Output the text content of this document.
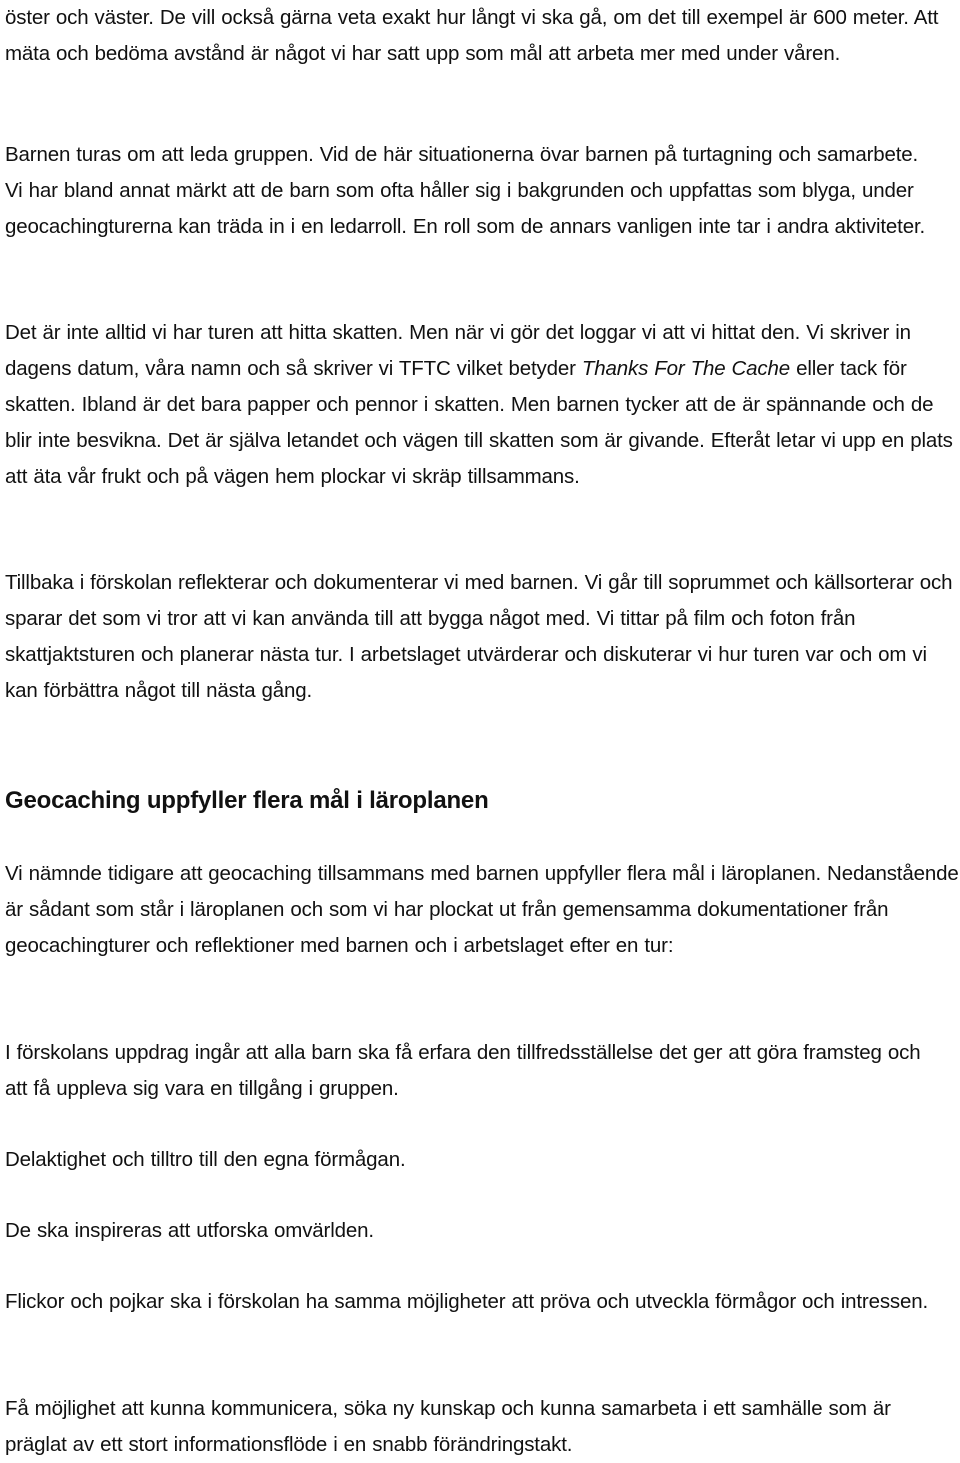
öster och väster. De vill också gärna veta exakt hur långt vi ska gå, om det till exempel är 600 meter. Att mäta och bedöma avstånd är något vi har satt upp som mål att arbeta mer med under våren.

Barnen turas om att leda gruppen. Vid de här situationerna övar barnen på turtagning och samarbete. Vi har bland annat märkt att de barn som ofta håller sig i bakgrunden och uppfattas som blyga, under geocachingturerna kan träda in i en ledarroll. En roll som de annars vanligen inte tar i andra aktiviteter.

Det är inte alltid vi har turen att hitta skatten. Men när vi gör det loggar vi att vi hittat den. Vi skriver in dagens datum, våra namn och så skriver vi TFTC vilket betyder Thanks For The Cache eller tack för skatten. Ibland är det bara papper och pennor i skatten. Men barnen tycker att de är spännande och de blir inte besvikna. Det är själva letandet och vägen till skatten som är givande. Efteråt letar vi upp en plats att äta vår frukt och på vägen hem plockar vi skräp tillsammans.

Tillbaka i förskolan reflekterar och dokumenterar vi med barnen. Vi går till soprummet och källsorterar och sparar det som vi tror att vi kan använda till att bygga något med. Vi tittar på film och foton från skattjaktsturen och planerar nästa tur. I arbetslaget utvärderar och diskuterar vi hur turen var och om vi kan förbättra något till nästa gång.

Geocaching uppfyller flera mål i läroplanen

Vi nämnde tidigare att geocaching tillsammans med barnen uppfyller flera mål i läroplanen. Nedanstående är sådant som står i läroplanen och som vi har plockat ut från gemensamma dokumentationer från geocachingturer och reflektioner med barnen och i arbetslaget efter en tur:

I förskolans uppdrag ingår att alla barn ska få erfara den tillfredsställelse det ger att göra framsteg och att få uppleva sig vara en tillgång i gruppen.

Delaktighet och tilltro till den egna förmågan.

De ska inspireras att utforska omvärlden.

Flickor och pojkar ska i förskolan ha samma möjligheter att pröva och utveckla förmågor och intressen.

Få möjlighet att kunna kommunicera, söka ny kunskap och kunna samarbeta i ett samhälle som är präglat av ett stort informationsflöde i en snabb förändringstakt.
